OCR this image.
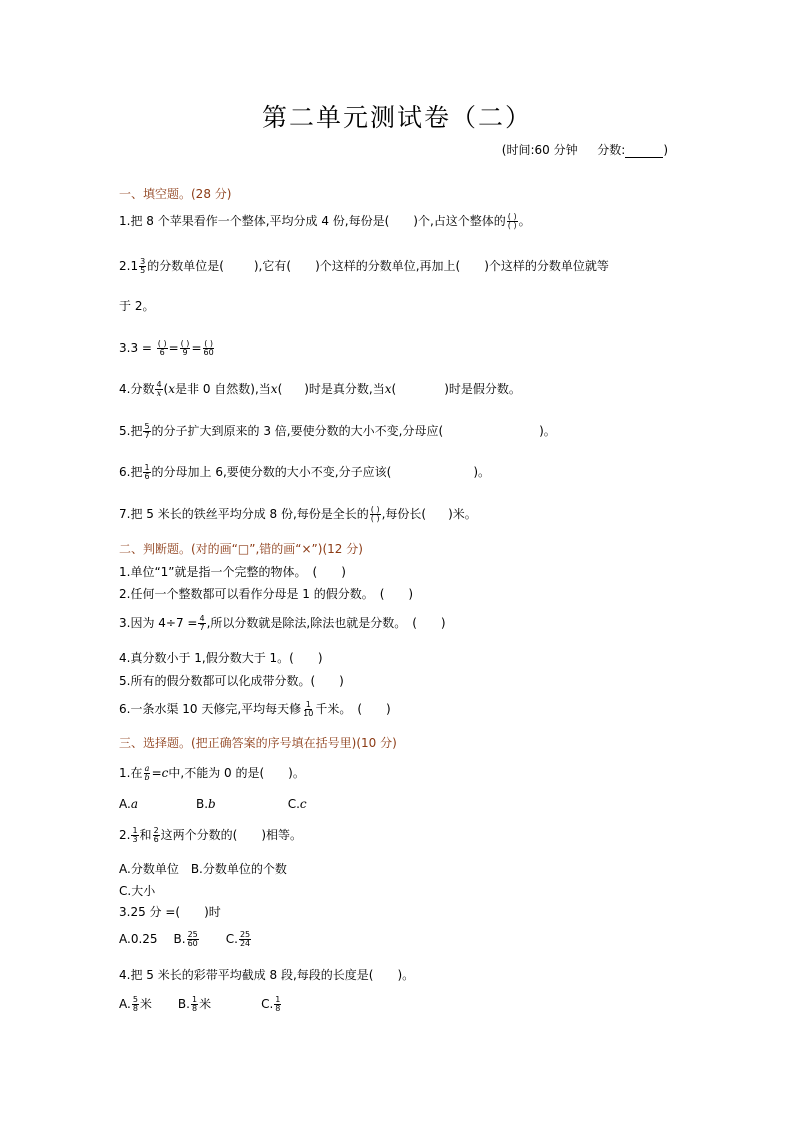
第二单元测试卷（二）
(时间:60 分钟 分数:	)
一、填空题。(28 分)
1.把 8 个苹果看作一个整体,平均分成 4 份,每份是( )个,占这个整体的 $\frac{( )}{( )}$ 。
$2.1 \frac{3}{5}$ 的分数单位是(	),它有( )个这样的分数单位,再加上( )个这样的分数单位就等
于 2。
$3.3 = \frac{( )}{6} = \frac{( )}{9} = \frac{( )}{60}$
4.分数 $\frac{4}{x} (x$是非 0 自然数),当x( )时是真分数,当x(	)时是假分数。
5.把 $\frac{5}{7}$ 的分子扩大到原来的 3 倍,要使分数的大小不变,分母应(	)。
6.把 $\frac{1}{6}$ 的分母加上 6,要使分数的大小不变,分子应该(	)。
7.把 5 米长的铁丝平均分成 8 份,每份是全长的 $\frac{( )}{( )}$ ,每份长( )米。
二、判断题。(对的画“□”,错的画“×”)(12 分)
1.单位“1”就是指一个完整的物体。　(　　)
2.任何一个整数都可以看作分母是 1 的假分数。　(　　)
3.因为 $4\div 7 = \frac{4}{7}$ ,所以分数就是除法,除法也就是分数。　(　　)
4.真分数小于 1,假分数大于 1。(　　)
5.所有的假分数都可以化成带分数。(　　)
6.一条水渠 10 天修完,平均每天修 $\frac{1}{10}$ 千米。　(　　)
三、选择题。(把正确答案的序号填在括号里)(10 分)
1.在 $\frac{a}{b} =c$中,不能为 0 的是(　　)。
A.a	B.b	C.c
2. $\frac{1}{3}$ 和 $\frac{2}{6}$ 这两个分数的(　　)相等。
A.分数单位　B.分数单位的个数
C.大小
3.25 分 =(　　)时
A.0.25 B. $\frac{25}{60} C$. $\frac{25}{24}$
4.把 5 米长的彩带平均截成 8 段,每段的长度是(　　)。
A. $\frac{5}{8}$ 米 B. $\frac{1}{8}$ 米	C. $\frac{1}{8}$
